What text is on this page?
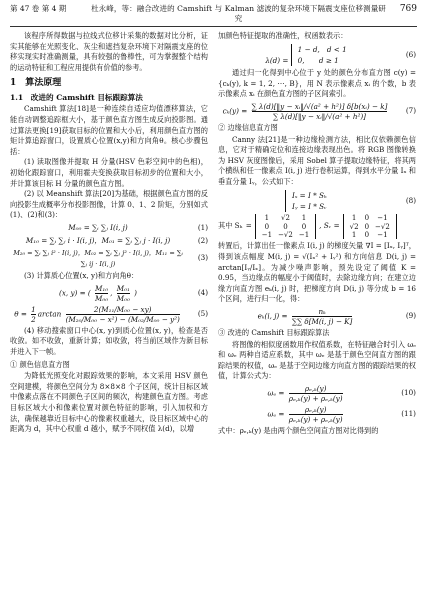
第 47 卷 第 4 期	杜永峰，等：融合改进的 Camshift 与 Kalman 滤波的复杂环境下隔震支座位移测量研究
769

该程序所得数据与拉线式位移计采集的数据对比分析，证实其能够在光照变化、灰尘和遮挡复杂环境下对隔震支座的位移实现实时准确测量，具有较强的鲁棒性，可为掌握整个结构的运动特征和工程应用提供有价值的参考。

1　算法原理
1.1　改进的 Camshift 目标跟踪算法

Camshift 算法[18]是一种连续自适应均值漂移算法，它能自动调整追踪框大小，基于颜色直方图生成反向投影图。通过算法更换[19]获取目标的位置和大小后，利用颜色直方图的矩计算追踪窗口，设置质心位置(x,y)和方向角θ。核心步骤包括：

(1) 读取图像并提取 H 分量(HSV 色彩空间中的色相)，初始化跟踪窗口，利用霍夫变换获取目标初步的位置和大小，并计算该目标 H 分量的颜色直方图。

(2) 以 Meanshift 算法[20]为基础，根据颜色直方图的反向投影生成概率分布投影图像，计算 0、1、2 阶矩，分别如式(1)、(2)和(3)：

M₀₀ = ∑ᵢ ∑ⱼ I(i, j)	(1)
M₁₀ = ∑ᵢ ∑ⱼ i · I(i, j)，M₀₁ = ∑ᵢ ∑ⱼ j · I(i, j)	(2)
M₂₀ = ∑ᵢ ∑ⱼ i² · I(i, j)，M₀₂ = ∑ᵢ ∑ⱼ j² · I(i, j)，M₁₁ = ∑ᵢ ∑ⱼ ij · I(i, j)
(3)

(3) 计算质心位置(x, y)和方向角θ：

(x, y) = ( $\frac{\text{M₁₀}}{\text{M₀₀}}$ , $\frac{\text{M₀₁}}{\text{M₀₀}}$ )	(4)
$\theta = \frac{1}{2}$ $\arctan \frac{\text{2(M₁₁/M₀₀ − xy)}}{\text{(M₂₀/M₀₀ − x²) − (M₀₂/M₀₀ − y²)}}$	(5)

(4) 移动搜索窗口中心(x, y)到质心位置(x, y)，检查是否收敛。如不收敛，重新计算；如收敛，将当前区域作为新目标并进入下一帧。

① 颜色信息直方图

为降低光照变化对跟踪效果的影响，本文采用 HSV 颜色空间建模，将颜色空间分为 8×8×8 个子区间，统计目标区域中像素点落在不同颜色子区间的频次，构建颜色直方图。考虑目标区域大小和像素位置对颜色特征的影响，引入加权和方法，确保越靠近目标中心的像素权重越大，设目标区域中心的距离为 d，其中心权重 d 越小，赋予不同权值 λ(d)，以增

加颜色特征提取的准确性，权函数表示：

λ(d) =
1 − d,　d < 1
0,　　d ≥ 1
(6)

通过归一化得到中心位于 y 处的颜色分布直方图 c(y) = {cₖ(y), k = 1, 2, ⋯, B}，用 N 表示像素点 xᵢ 的个数，b 表示像素点 xᵢ 在颜色直方图的子区间索引。

$c_k(y) = \frac{\text{∑ λ(d)[‖y − xᵢ‖/√(a² + h²)] δ[b(xᵢ) − k]}}{\text{∑ λ(d)[‖y − xᵢ‖/√(a² + h²)]}}$	(7)

② 边缘信息直方图

Canny 法[21]是一种边缘检测方法，相比仅依赖颜色信息，它对于精确定位和连接边缘表现出色。将 RGB 图像转换为 HSV 灰度图像后，采用 Sobel 算子提取边缘特征，将其两个横纵和任一像素点 I(i, j) 进行卷积运算，得到水平分量 Iₓ 和垂直分量 Iᵧ，公式如下：

Iₓ = I * Sₕ
Iᵧ = I * Sᵥ
(8)
其中 Sₕ =
1	√2	1
0	0	0
−1	−√2	−1
, Sᵥ =
1	0	−1
√2	0	−√2
1	0	−1

转置后，计算出任一像素点 I(i, j) 的梯度矢量 ∇I = [Iₓ, Iᵧ]ᵀ，得到该点幅度 M(i, j) = √(Iₓ² + Iᵧ²) 和方向信息 D(i, j) = arctan[Iᵧ/Iₓ]。为减少噪声影响，预先设定了阈值 K = 0.95，当边缘点的幅度小于阈值时，去除边缘方向；在建立边缘方向直方图 eₖ(i, j) 时，把梯度方向 D(i, j) 等分成 b = 16 个区间，进行归一化，得：

eₖ(i, $j) = \frac{\text{nₖ}}{\sum\sum \delta[M(i, j) - K]}$	(9)

③ 改进的 Camshift 目标跟踪算法

将图像的相似度函数用作权值系数，在特征融合时引入 ωₑ 和 ωₑ 两种自适应系数，其中 ωₑ 是基于颜色空间直方图的跟踪结果的权值，ωₑ 是基于空间边缘方向直方图的跟踪结果的权值，计算公式为：

$\omega_e = \frac{\text{ρₑ,ₖ(y)}}{\text{ρₑ,ₖ(y) + ρₑ,ₖ(y)}}$	(10)
$\omega_e = \frac{\text{ρₑ,ₖ(y)}}{\text{ρₑ,ₖ(y) + ρₑ,ₖ(y)}}$	(11)

式中：ρₑ,ₖ(y) 是由两个颜色空间直方图对比得到的
